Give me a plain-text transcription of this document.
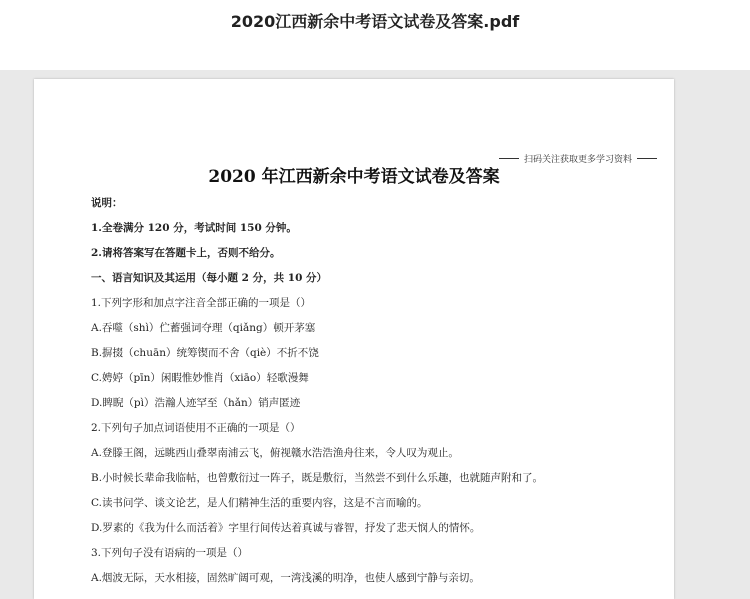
2020江西新余中考语文试卷及答案.pdf
扫码关注获取更多学习资料
2020 年江西新余中考语文试卷及答案
说明：
1.全卷满分 120 分，考试时间 150 分钟。
2.请将答案写在答题卡上，否则不给分。
一、语言知识及其运用（每小题 2 分，共 10 分）
1.下列字形和加点字注音全部正确的一项是（）
A.吞噬（shì）伫蓄强词夺理（qiǎng）顿开茅塞
B.摒掇（chuān）统筹锲而不舍（qiè）不折不饶
C.娉婷（pīn）闲暇惟妙惟肖（xiāo）轻歌漫舞
D.睥睨（pì）浩瀚人迹罕至（hǎn）销声匿迹
2.下列句子加点词语使用不正确的一项是（）
A.登滕王阁，远眺西山叠翠南浦云飞，俯视赣水浩浩渔舟往来，令人叹为观止。
B.小时候长辈命我临帖，也曾敷衍过一阵子，既是敷衍，当然尝不到什么乐趣，也就随声附和了。
C.读书问学、谈文论艺，是人们精神生活的重要内容，这是不言而喻的。
D.罗素的《我为什么而活着》字里行间传达着真诚与睿智，抒发了悲天悯人的情怀。
3.下列句子没有语病的一项是（）
A.烟波无际，天水相接，固然旷阔可观，一湾浅溪的明净，也使人感到宁静与亲切。
